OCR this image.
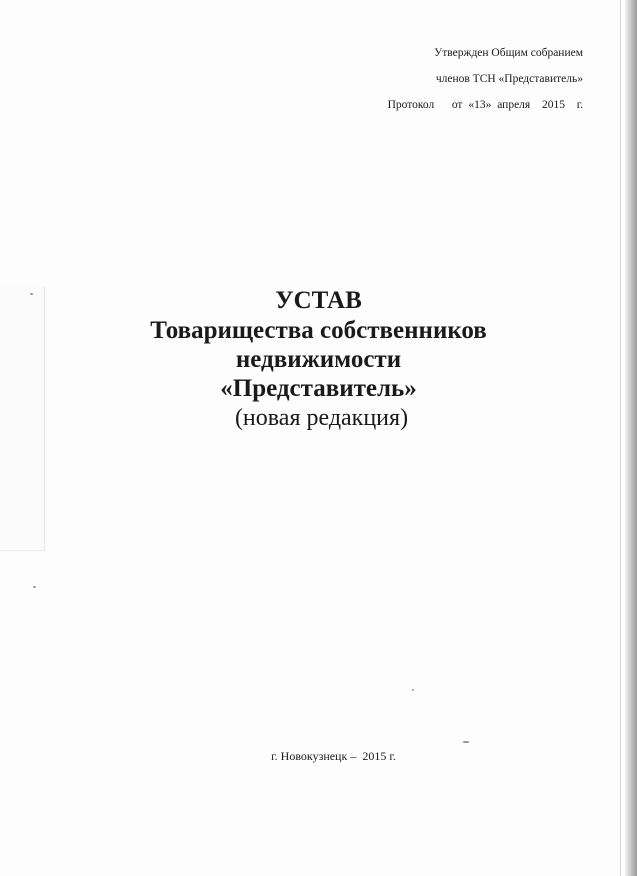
Утвержден Общим собранием
членов ТСН «Представитель»
Протокол   от «13» апреля  2015  г.
УСТАВ
Товарищества собственников
недвижимости
«Представитель»
(новая редакция)
г. Новокузнецк –  2015 г.
